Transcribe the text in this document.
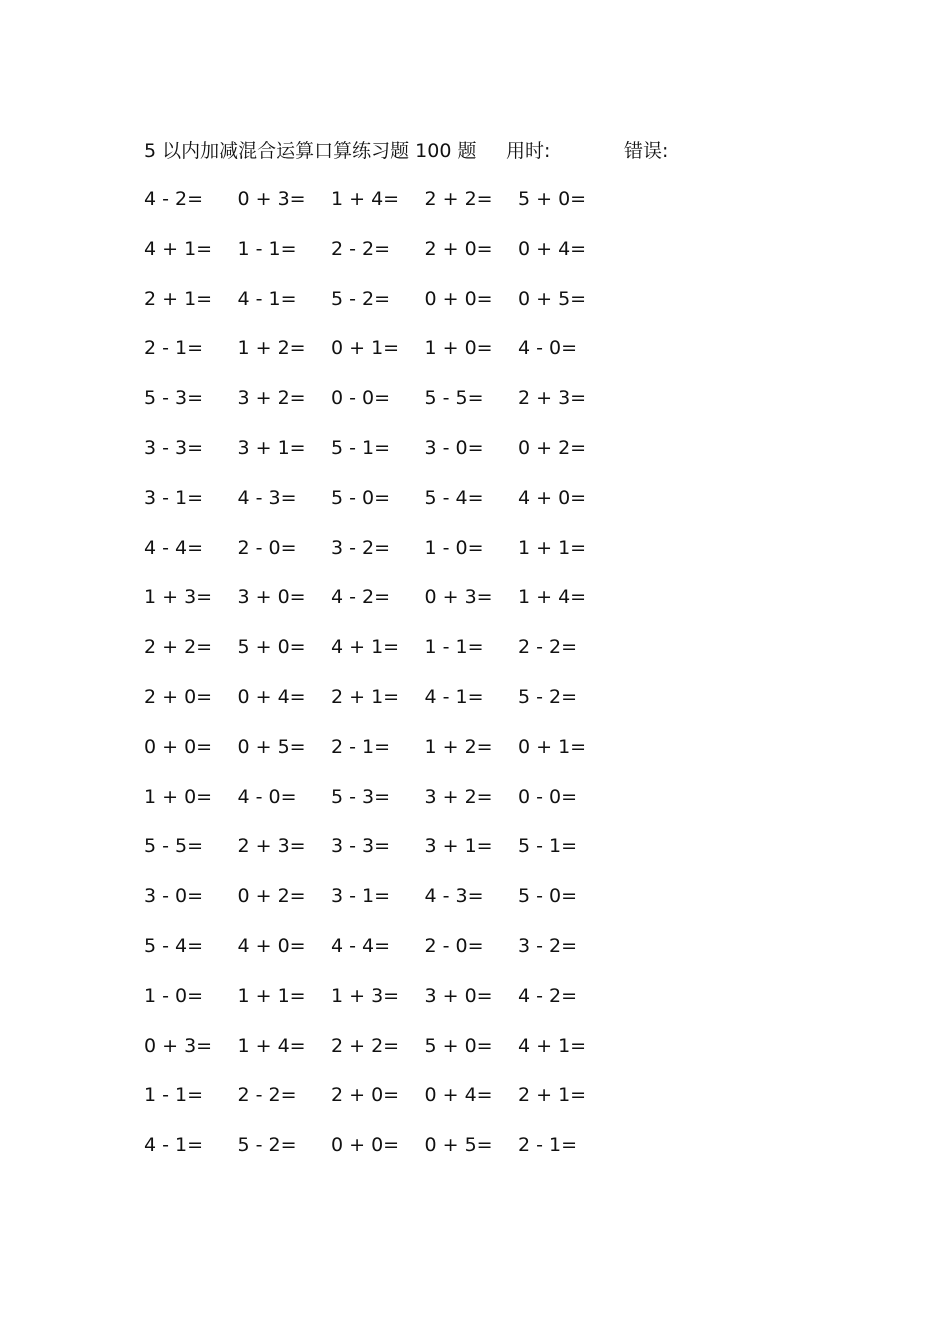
5 以内加减混合运算口算练习题 100 题 用时:	错误:
4 - 2=	0 + 3=	1 + 4=	2 + 2=	5 + 0=
4 + 1=	1 - 1=	2 - 2=	2 + 0=	0 + 4=
2 + 1=	4 - 1=	5 - 2=	0 + 0=	0 + 5=
2 - 1=	1 + 2=	0 + 1=	1 + 0=	4 - 0=
5 - 3=	3 + 2=	0 - 0=	5 - 5=	2 + 3=
3 - 3=	3 + 1=	5 - 1=	3 - 0=	0 + 2=
3 - 1=	4 - 3=	5 - 0=	5 - 4=	4 + 0=
4 - 4=	2 - 0=	3 - 2=	1 - 0=	1 + 1=
1 + 3=	3 + 0=	4 - 2=	0 + 3=	1 + 4=
2 + 2=	5 + 0=	4 + 1=	1 - 1=	2 - 2=
2 + 0=	0 + 4=	2 + 1=	4 - 1=	5 - 2=
0 + 0=	0 + 5=	2 - 1=	1 + 2=	0 + 1=
1 + 0=	4 - 0=	5 - 3=	3 + 2=	0 - 0=
5 - 5=	2 + 3=	3 - 3=	3 + 1=	5 - 1=
3 - 0=	0 + 2=	3 - 1=	4 - 3=	5 - 0=
5 - 4=	4 + 0=	4 - 4=	2 - 0=	3 - 2=
1 - 0=	1 + 1=	1 + 3=	3 + 0=	4 - 2=
0 + 3=	1 + 4=	2 + 2=	5 + 0=	4 + 1=
1 - 1=	2 - 2=	2 + 0=	0 + 4=	2 + 1=
4 - 1=	5 - 2=	0 + 0=	0 + 5=	2 - 1=
